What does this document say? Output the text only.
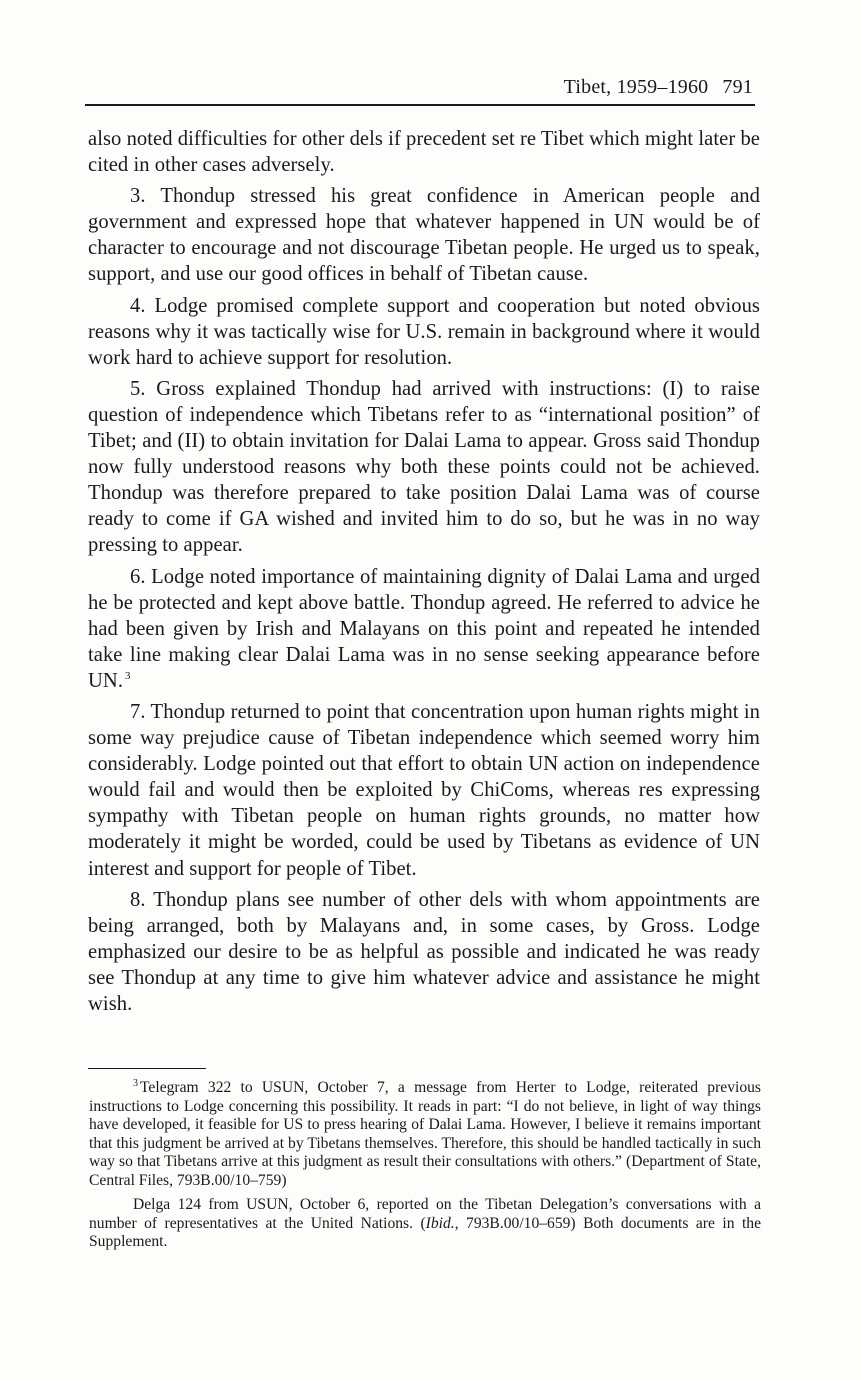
Tibet, 1959–1960 791

also noted difficulties for other dels if precedent set re Tibet which might later be cited in other cases adversely.

3. Thondup stressed his great confidence in American people and government and expressed hope that whatever happened in UN would be of character to encourage and not discourage Tibetan people. He urged us to speak, support, and use our good offices in behalf of Tibetan cause.

4. Lodge promised complete support and cooperation but noted obvious reasons why it was tactically wise for U.S. remain in background where it would work hard to achieve support for resolution.

5. Gross explained Thondup had arrived with instructions: (I) to raise question of independence which Tibetans refer to as “international position” of Tibet; and (II) to obtain invitation for Dalai Lama to appear. Gross said Thondup now fully understood reasons why both these points could not be achieved. Thondup was therefore prepared to take position Dalai Lama was of course ready to come if GA wished and invited him to do so, but he was in no way pressing to appear.

6. Lodge noted importance of maintaining dignity of Dalai Lama and urged he be protected and kept above battle. Thondup agreed. He referred to advice he had been given by Irish and Malayans on this point and repeated he intended take line making clear Dalai Lama was in no sense seeking appearance before UN. $^3$

7. Thondup returned to point that concentration upon human rights might in some way prejudice cause of Tibetan independence which seemed worry him considerably. Lodge pointed out that effort to obtain UN action on independence would fail and would then be exploited by ChiComs, whereas res expressing sympathy with Tibetan people on human rights grounds, no matter how moderately it might be worded, could be used by Tibetans as evidence of UN interest and support for people of Tibet.

8. Thondup plans see number of other dels with whom appointments are being arranged, both by Malayans and, in some cases, by Gross. Lodge emphasized our desire to be as helpful as possible and indicated he was ready see Thondup at any time to give him whatever advice and assistance he might wish.

$^3$ Telegram 322 to USUN, October 7, a message from Herter to Lodge, reiterated previous instructions to Lodge concerning this possibility. It reads in part: “I do not believe, in light of way things have developed, it feasible for US to press hearing of Dalai Lama. However, I believe it remains important that this judgment be arrived at by Tibetans themselves. Therefore, this should be handled tactically in such way so that Tibetans arrive at this judgment as result their consultations with others.” (Department of State, Central Files, 793B.00/10–759)

Delga 124 from USUN, October 6, reported on the Tibetan Delegation’s conversations with a number of representatives at the United Nations. (Ibid., 793B.00/10–659) Both documents are in the Supplement.
